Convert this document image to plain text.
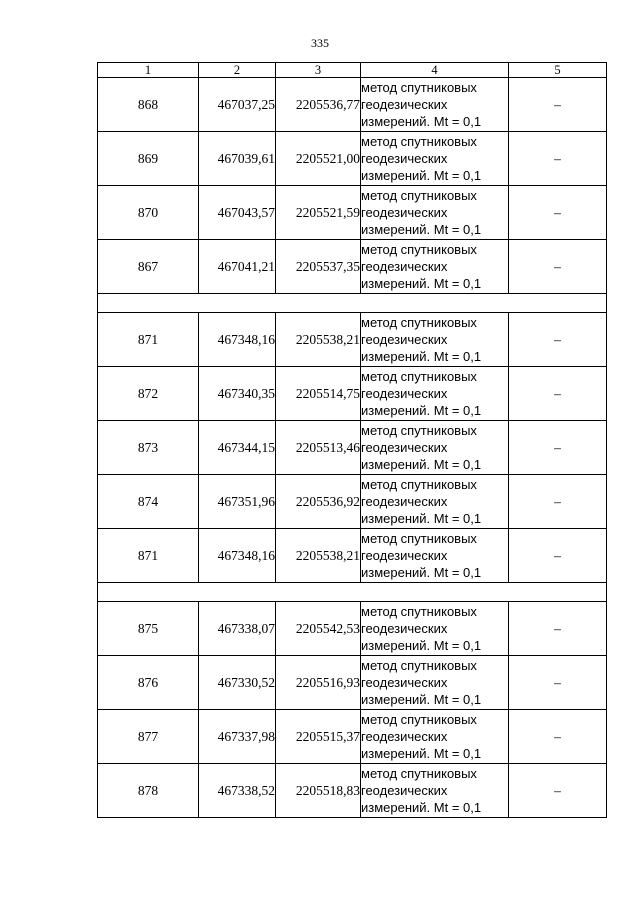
335
1	2	3	4	5
868	467037,25	2205536,77	метод спутниковых
геодезических
измерений. Mt = 0,1	–
869	467039,61	2205521,00	метод спутниковых
геодезических
измерений. Mt = 0,1	–
870	467043,57	2205521,59	метод спутниковых
геодезических
измерений. Mt = 0,1	–
867	467041,21	2205537,35	метод спутниковых
геодезических
измерений. Mt = 0,1	–

871	467348,16	2205538,21	метод спутниковых
геодезических
измерений. Mt = 0,1	–
872	467340,35	2205514,75	метод спутниковых
геодезических
измерений. Mt = 0,1	–
873	467344,15	2205513,46	метод спутниковых
геодезических
измерений. Mt = 0,1	–
874	467351,96	2205536,92	метод спутниковых
геодезических
измерений. Mt = 0,1	–
871	467348,16	2205538,21	метод спутниковых
геодезических
измерений. Mt = 0,1	–

875	467338,07	2205542,53	метод спутниковых
геодезических
измерений. Mt = 0,1	–
876	467330,52	2205516,93	метод спутниковых
геодезических
измерений. Mt = 0,1	–
877	467337,98	2205515,37	метод спутниковых
геодезических
измерений. Mt = 0,1	–
878	467338,52	2205518,83	метод спутниковых
геодезических
измерений. Mt = 0,1	–
